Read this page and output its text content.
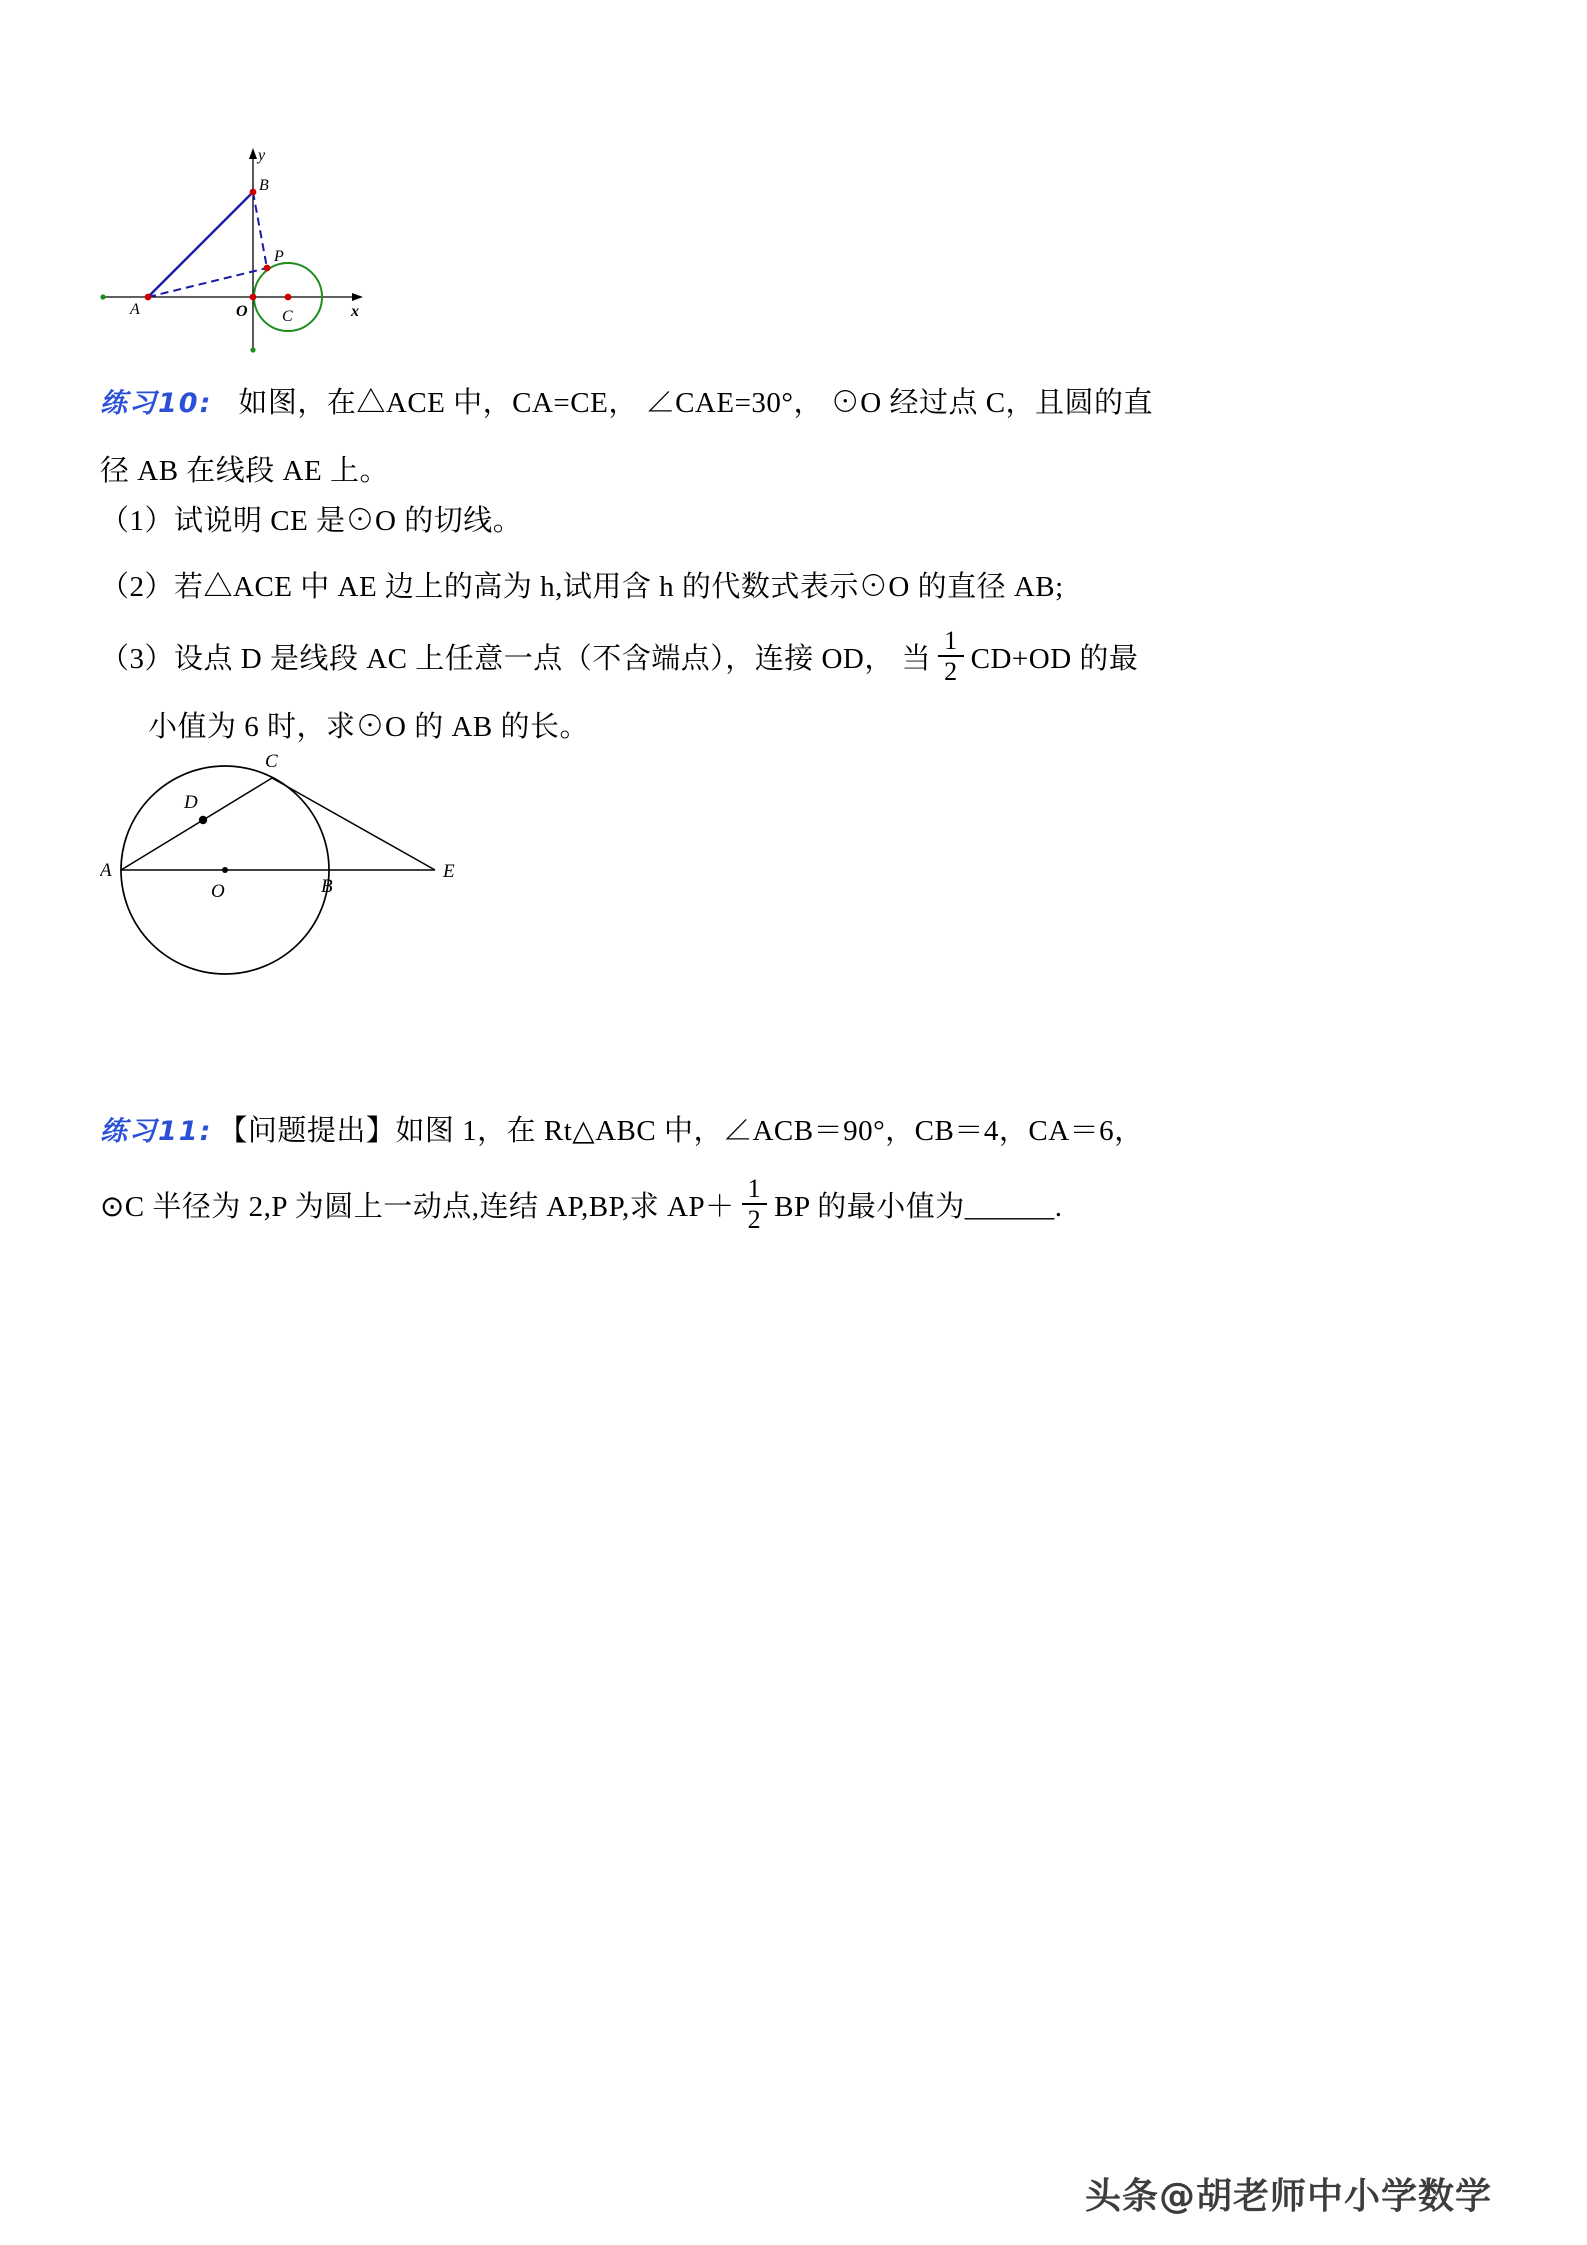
y
x
B
P
A	O C
练习10: 如图，在△ACE 中，CA=CE， ∠CAE=30°， ⊙O 经过点 C，且圆的直
径 AB 在线段 AE 上。
（1）试说明 CE 是⊙O 的切线。
（2）若△ACE 中 AE 边上的高为 h,试用含 h 的代数式表示⊙O 的直径 AB;
（3）设点 D 是线段 AC 上任意一点（不含端点），连接 OD， 当 $\frac{1}{2} CD+OD$ 的最
小值为 6 时，求⊙O 的 AB 的长。
A
C
D
O	B
E
练习11: 【问题提出】如图 1，在 Rt△ABC 中，∠ACB＝90°，CB＝4，CA＝6，
⊙C 半径为 2,P 为圆上一动点,连结 AP,BP,求 $AP+ \frac{1}{2}$ BP 的最小值为______.
头条@胡老师中小学数学
